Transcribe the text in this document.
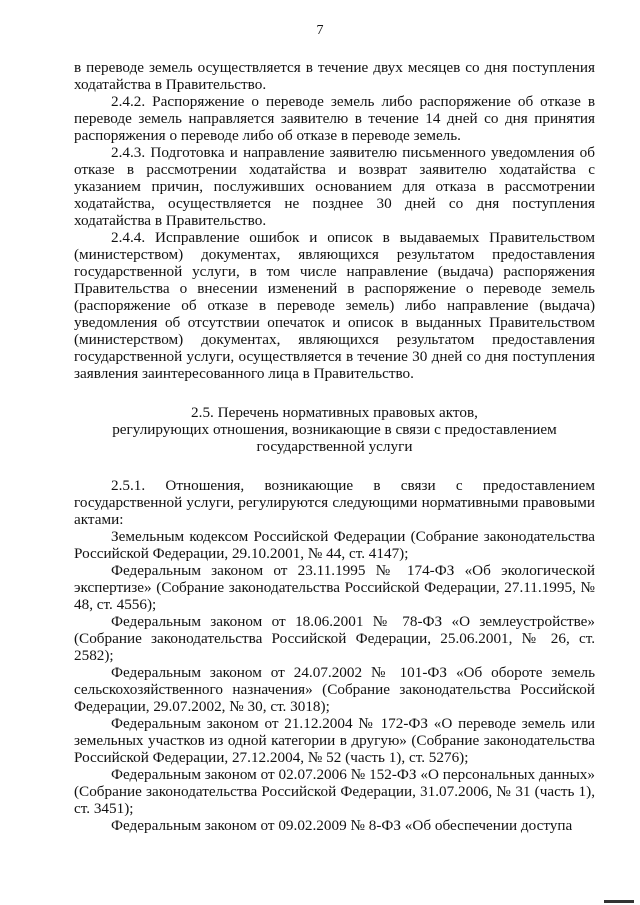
7

в переводе земель осуществляется в течение двух месяцев со дня поступления ходатайства в Правительство.

2.4.2. Распоряжение о переводе земель либо распоряжение об отказе в переводе земель направляется заявителю в течение 14 дней со дня принятия распоряжения о переводе либо об отказе в переводе земель.

2.4.3. Подготовка и направление заявителю письменного уведомления об отказе в рассмотрении ходатайства и возврат заявителю ходатайства с указанием причин, послуживших основанием для отказа в рассмотрении ходатайства, осуществляется не позднее 30 дней со дня поступления ходатайства в Правительство.

2.4.4. Исправление ошибок и описок в выдаваемых Правительством (министерством) документах, являющихся результатом предоставления государственной услуги, в том числе направление (выдача) распоряжения Правительства о внесении изменений в распоряжение о переводе земель (распоряжение об отказе в переводе земель) либо направление (выдача) уведомления об отсутствии опечаток и описок в выданных Правительством (министерством) документах, являющихся результатом предоставления государственной услуги, осуществляется в течение 30 дней со дня поступления заявления заинтересованного лица в Правительство.

2.5. Перечень нормативных правовых актов,
регулирующих отношения, возникающие в связи с предоставлением
государственной услуги

2.5.1. Отношения, возникающие в связи с предоставлением государственной услуги, регулируются следующими нормативными правовыми актами:

Земельным кодексом Российской Федерации (Собрание законодательства Российской Федерации, 29.10.2001, № 44, ст. 4147);

Федеральным законом от 23.11.1995 № 174-ФЗ «Об экологической экспертизе» (Собрание законодательства Российской Федерации, 27.11.1995, № 48, ст. 4556);

Федеральным законом от 18.06.2001 № 78-ФЗ «О землеустройстве» (Собрание законодательства Российской Федерации, 25.06.2001, № 26, ст. 2582);

Федеральным законом от 24.07.2002 № 101-ФЗ «Об обороте земель сельскохозяйственного назначения» (Собрание законодательства Российской Федерации, 29.07.2002, № 30, ст. 3018);

Федеральным законом от 21.12.2004 № 172-ФЗ «О переводе земель или земельных участков из одной категории в другую» (Собрание законодательства Российской Федерации, 27.12.2004, № 52 (часть 1), ст. 5276);

Федеральным законом от 02.07.2006 № 152-ФЗ «О персональных данных» (Собрание законодательства Российской Федерации, 31.07.2006, № 31 (часть 1), ст. 3451);

Федеральным законом от 09.02.2009 № 8-ФЗ «Об обеспечении доступа
